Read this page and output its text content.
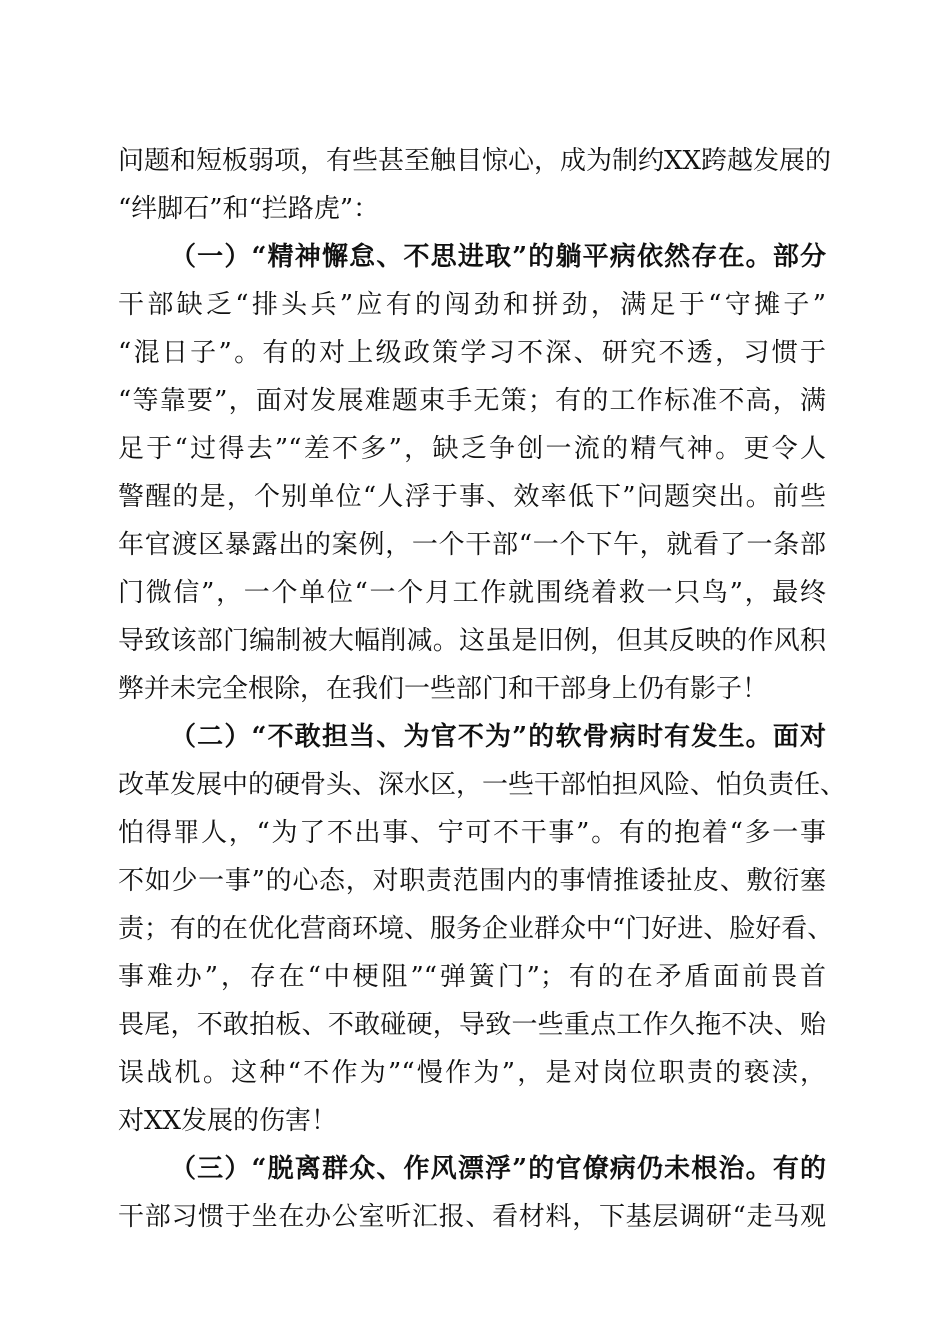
问题和短板弱项，有些甚至触目惊心，成为制约XX跨越发展的

“绊脚石”和“拦路虎”：

（一）“精神懈怠、不思进取”的躺平病依然存在。部分

干部缺乏“排头兵”应有的闯劲和拼劲，满足于“守摊子”

“混日子”。有的对上级政策学习不深、研究不透，习惯于

“等靠要”，面对发展难题束手无策；有的工作标准不高，满

足于“过得去”“差不多”，缺乏争创一流的精气神。更令人

警醒的是，个别单位“人浮于事、效率低下”问题突出。前些

年官渡区暴露出的案例，一个干部“一个下午，就看了一条部

门微信”，一个单位“一个月工作就围绕着救一只鸟”，最终

导致该部门编制被大幅削减。这虽是旧例，但其反映的作风积

弊并未完全根除，在我们一些部门和干部身上仍有影子！

（二）“不敢担当、为官不为”的软骨病时有发生。面对

改革发展中的硬骨头、深水区，一些干部怕担风险、怕负责任、

怕得罪人，“为了不出事、宁可不干事”。有的抱着“多一事

不如少一事”的心态，对职责范围内的事情推诿扯皮、敷衍塞

责；有的在优化营商环境、服务企业群众中“门好进、脸好看、

事难办”，存在“中梗阻”“弹簧门”；有的在矛盾面前畏首

畏尾，不敢拍板、不敢碰硬，导致一些重点工作久拖不决、贻

误战机。这种“不作为”“慢作为”，是对岗位职责的亵渎，

对XX发展的伤害！

（三）“脱离群众、作风漂浮”的官僚病仍未根治。有的

干部习惯于坐在办公室听汇报、看材料，下基层调研“走马观
